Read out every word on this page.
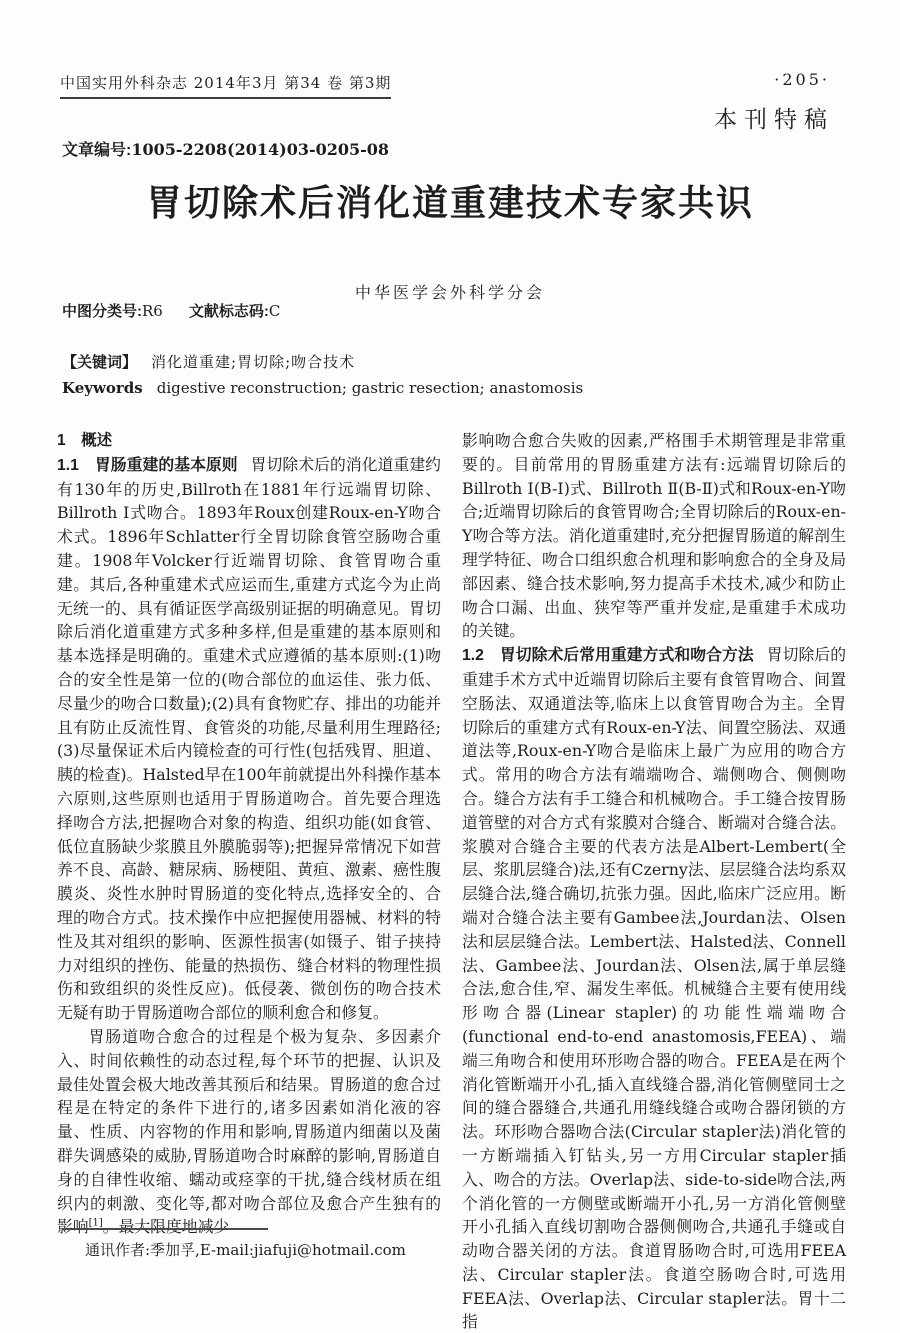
中国实用外科杂志 2014年3月 第34 卷 第3期	·205·
本刊特稿
文章编号:1005-2208(2014)03-0205-08
胃切除术后消化道重建技术专家共识
中华医学会外科学分会
中图分类号:R6 文献标志码:C
【关键词】 消化道重建;胃切除;吻合技术
Keywords digestive reconstruction; gastric resection; anastomosis
1　概述

1.1　胃肠重建的基本原则 胃切除术后的消化道重建约有130年的历史,Billroth在1881年行远端胃切除、Billroth Ⅰ式吻合。1893年Roux创建Roux-en-Y吻合术式。1896年Schlatter行全胃切除食管空肠吻合重建。1908年Volcker行近端胃切除、食管胃吻合重建。其后,各种重建术式应运而生,重建方式迄今为止尚无统一的、具有循证医学高级别证据的明确意见。胃切除后消化道重建方式多种多样,但是重建的基本原则和基本选择是明确的。重建术式应遵循的基本原则:(1)吻合的安全性是第一位的(吻合部位的血运佳、张力低、尽量少的吻合口数量);(2)具有食物贮存、排出的功能并且有防止反流性胃、食管炎的功能,尽量利用生理路径;(3)尽量保证术后内镜检查的可行性(包括残胃、胆道、胰的检查)。Halsted早在100年前就提出外科操作基本六原则,这些原则也适用于胃肠道吻合。首先要合理选择吻合方法,把握吻合对象的构造、组织功能(如食管、低位直肠缺少浆膜且外膜脆弱等);把握异常情况下如营养不良、高龄、糖尿病、肠梗阻、黄疸、激素、癌性腹膜炎、炎性水肿时胃肠道的变化特点,选择安全的、合理的吻合方式。技术操作中应把握使用器械、材料的特性及其对组织的影响、医源性损害(如镊子、钳子挟持力对组织的挫伤、能量的热损伤、缝合材料的物理性损伤和致组织的炎性反应)。低侵袭、微创伤的吻合技术无疑有助于胃肠道吻合部位的顺利愈合和修复。

胃肠道吻合愈合的过程是个极为复杂、多因素介入、时间依赖性的动态过程,每个环节的把握、认识及最佳处置会极大地改善其预后和结果。胃肠道的愈合过程是在特定的条件下进行的,诸多因素如消化液的容量、性质、内容物的作用和影响,胃肠道内细菌以及菌群失调感染的威胁,胃肠道吻合时麻醉的影响,胃肠道自身的自律性收缩、蠕动或痉挛的干扰,缝合线材质在组织内的刺激、变化等,都对吻合部位及愈合产生独有的影响[1]。最大限度地减少

影响吻合愈合失败的因素,严格围手术期管理是非常重要的。目前常用的胃肠重建方法有:远端胃切除后的Billroth Ⅰ(B-Ⅰ)式、Billroth Ⅱ(B-Ⅱ)式和Roux-en-Y吻合;近端胃切除后的食管胃吻合;全胃切除后的Roux-en-Y吻合等方法。消化道重建时,充分把握胃肠道的解剖生理学特征、吻合口组织愈合机理和影响愈合的全身及局部因素、缝合技术影响,努力提高手术技术,减少和防止吻合口漏、出血、狭窄等严重并发症,是重建手术成功的关键。

1.2　胃切除术后常用重建方式和吻合方法 胃切除后的重建手术方式中近端胃切除后主要有食管胃吻合、间置空肠法、双通道法等,临床上以食管胃吻合为主。全胃切除后的重建方式有Roux-en-Y法、间置空肠法、双通道法等,Roux-en-Y吻合是临床上最广为应用的吻合方式。常用的吻合方法有端端吻合、端侧吻合、侧侧吻合。缝合方法有手工缝合和机械吻合。手工缝合按胃肠道管壁的对合方式有浆膜对合缝合、断端对合缝合法。浆膜对合缝合主要的代表方法是Albert-Lembert(全层、浆肌层缝合)法,还有Czerny法、层层缝合法均系双层缝合法,缝合确切,抗张力强。因此,临床广泛应用。断端对合缝合法主要有Gambee法,Jourdan法、Olsen法和层层缝合法。Lembert法、Halsted法、Connell法、Gambee法、Jourdan法、Olsen法,属于单层缝合法,愈合佳,窄、漏发生率低。机械缝合主要有使用线形吻合器(Linear stapler)的功能性端端吻合(functional end-to-end anastomosis,FEEA)、端端三角吻合和使用环形吻合器的吻合。FEEA是在两个消化管断端开小孔,插入直线缝合器,消化管侧壁同士之间的缝合器缝合,共通孔用缝线缝合或吻合器闭锁的方法。环形吻合器吻合法(Circular stapler法)消化管的一方断端插入钉钻头,另一方用Circular stapler插入、吻合的方法。Overlap法、side-to-side吻合法,两个消化管的一方侧壁或断端开小孔,另一方消化管侧壁开小孔插入直线切割吻合器侧侧吻合,共通孔手缝或自动吻合器关闭的方法。食道胃肠吻合时,可选用FEEA法、Circular stapler法。食道空肠吻合时,可选用FEEA法、Overlap法、Circular stapler法。胃十二指

通讯作者:季加孚,E-mail:jiafuji@hotmail.com
